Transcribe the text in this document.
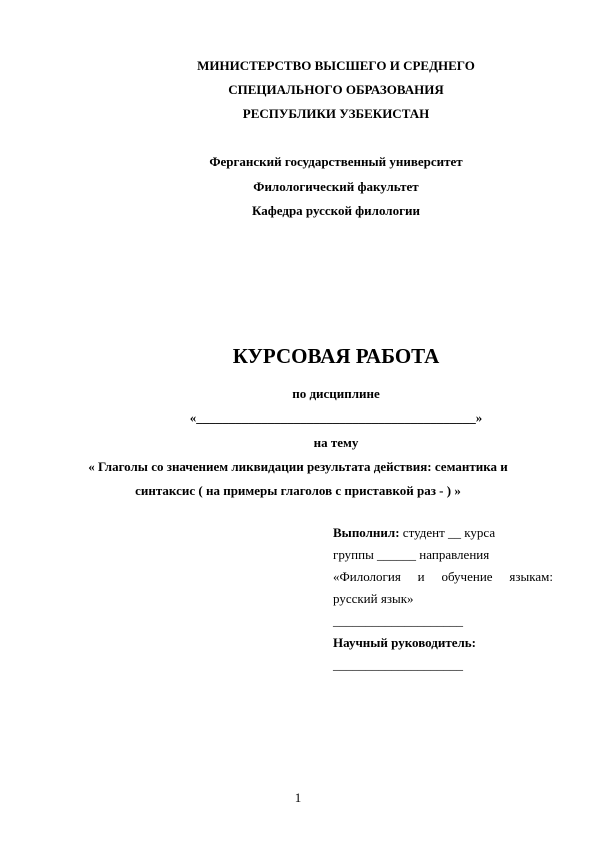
МИНИСТЕРСТВО ВЫСШЕГО И СРЕДНЕГО
СПЕЦИАЛЬНОГО ОБРАЗОВАНИЯ
РЕСПУБЛИКИ УЗБЕКИСТАН
Ферганский государственный университет
Филологический факультет
Кафедра русской филологии
КУРСОВАЯ РАБОТА
по дисциплине
«___________________________________________»
на тему
« Глаголы со значением ликвидации результата действия: семантика и
синтаксис ( на примеры глаголов с приставкой раз - ) »
Выполнил: студент __ курса
группы ______ направления
«Филология и обучение языкам:
русский язык»
____________________
Научный руководитель:
____________________
1
